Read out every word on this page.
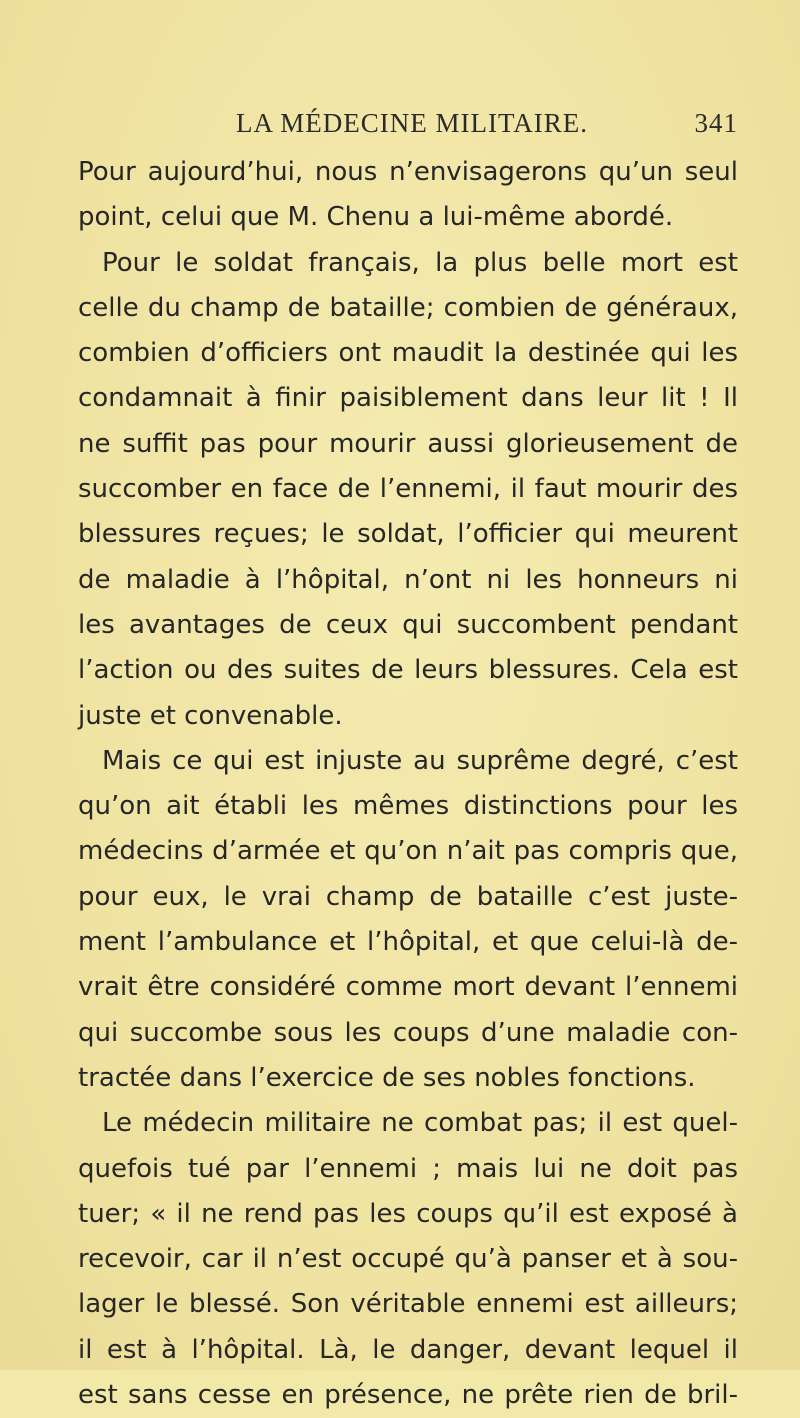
LA MÉDECINE MILITAIRE.	341
Pour aujourd’hui, nous n’envisagerons qu’un seul
point, celui que M. Chenu a lui-même abordé.
Pour le soldat français, la plus belle mort est
celle du champ de bataille; combien de généraux,
combien d’officiers ont maudit la destinée qui les
condamnait à finir paisiblement dans leur lit ! Il
ne suffit pas pour mourir aussi glorieusement de
succomber en face de l’ennemi, il faut mourir des
blessures reçues; le soldat, l’officier qui meurent
de maladie à l’hôpital, n’ont ni les honneurs ni
les avantages de ceux qui succombent pendant
l’action ou des suites de leurs blessures. Cela est
juste et convenable.
Mais ce qui est injuste au suprême degré, c’est
qu’on ait établi les mêmes distinctions pour les
médecins d’armée et qu’on n’ait pas compris que,
pour eux, le vrai champ de bataille c’est juste-
ment l’ambulance et l’hôpital, et que celui-là de-
vrait être considéré comme mort devant l’ennemi
qui succombe sous les coups d’une maladie con-
tractée dans l’exercice de ses nobles fonctions.
Le médecin militaire ne combat pas; il est quel-
quefois tué par l’ennemi ; mais lui ne doit pas
tuer; « il ne rend pas les coups qu’il est exposé à
recevoir, car il n’est occupé qu’à panser et à sou-
lager le blessé. Son véritable ennemi est ailleurs;
il est à l’hôpital. Là, le danger, devant lequel il
est sans cesse en présence, ne prête rien de bril-
